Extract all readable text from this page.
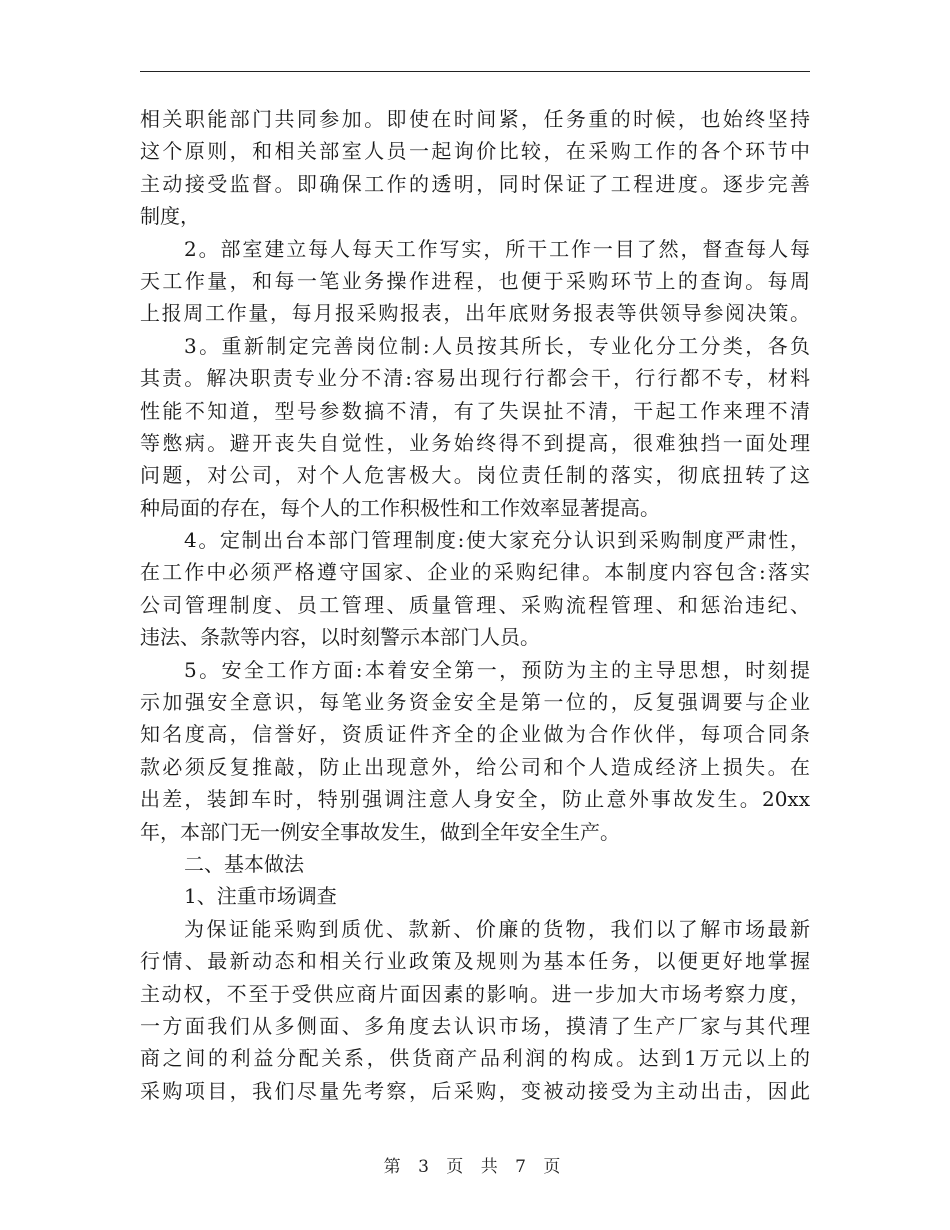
相关职能部门共同参加。即使在时间紧，任务重的时候，也始终坚持
这个原则，和相关部室人员一起询价比较，在采购工作的各个环节中
主动接受监督。即确保工作的透明，同时保证了工程进度。逐步完善
制度，
2。部室建立每人每天工作写实，所干工作一目了然，督查每人每
天工作量，和每一笔业务操作进程，也便于采购环节上的查询。每周
上报周工作量，每月报采购报表，出年底财务报表等供领导参阅决策。
3。重新制定完善岗位制:人员按其所长，专业化分工分类，各负
其责。解决职责专业分不清:容易出现行行都会干，行行都不专，材料
性能不知道，型号参数搞不清，有了失误扯不清，干起工作来理不清
等憋病。避开丧失自觉性，业务始终得不到提高，很难独挡一面处理
问题，对公司，对个人危害极大。岗位责任制的落实，彻底扭转了这
种局面的存在，每个人的工作积极性和工作效率显著提高。
4。定制出台本部门管理制度:使大家充分认识到采购制度严肃性，
在工作中必须严格遵守国家、企业的采购纪律。本制度内容包含:落实
公司管理制度、员工管理、质量管理、采购流程管理、和惩治违纪、
违法、条款等内容，以时刻警示本部门人员。
5。安全工作方面:本着安全第一，预防为主的主导思想，时刻提
示加强安全意识，每笔业务资金安全是第一位的，反复强调要与企业
知名度高，信誉好，资质证件齐全的企业做为合作伙伴，每项合同条
款必须反复推敲，防止出现意外，给公司和个人造成经济上损失。在
出差，装卸车时，特别强调注意人身安全，防止意外事故发生。20xx
年，本部门无一例安全事故发生，做到全年安全生产。
二、基本做法
1、注重市场调查
为保证能采购到质优、款新、价廉的货物，我们以了解市场最新
行情、最新动态和相关行业政策及规则为基本任务，以便更好地掌握
主动权，不至于受供应商片面因素的影响。进一步加大市场考察力度，
一方面我们从多侧面、多角度去认识市场，摸清了生产厂家与其代理
商之间的利益分配关系，供货商产品利润的构成。达到1万元以上的
采购项目，我们尽量先考察，后采购，变被动接受为主动出击，因此
第 3 页 共 7 页
